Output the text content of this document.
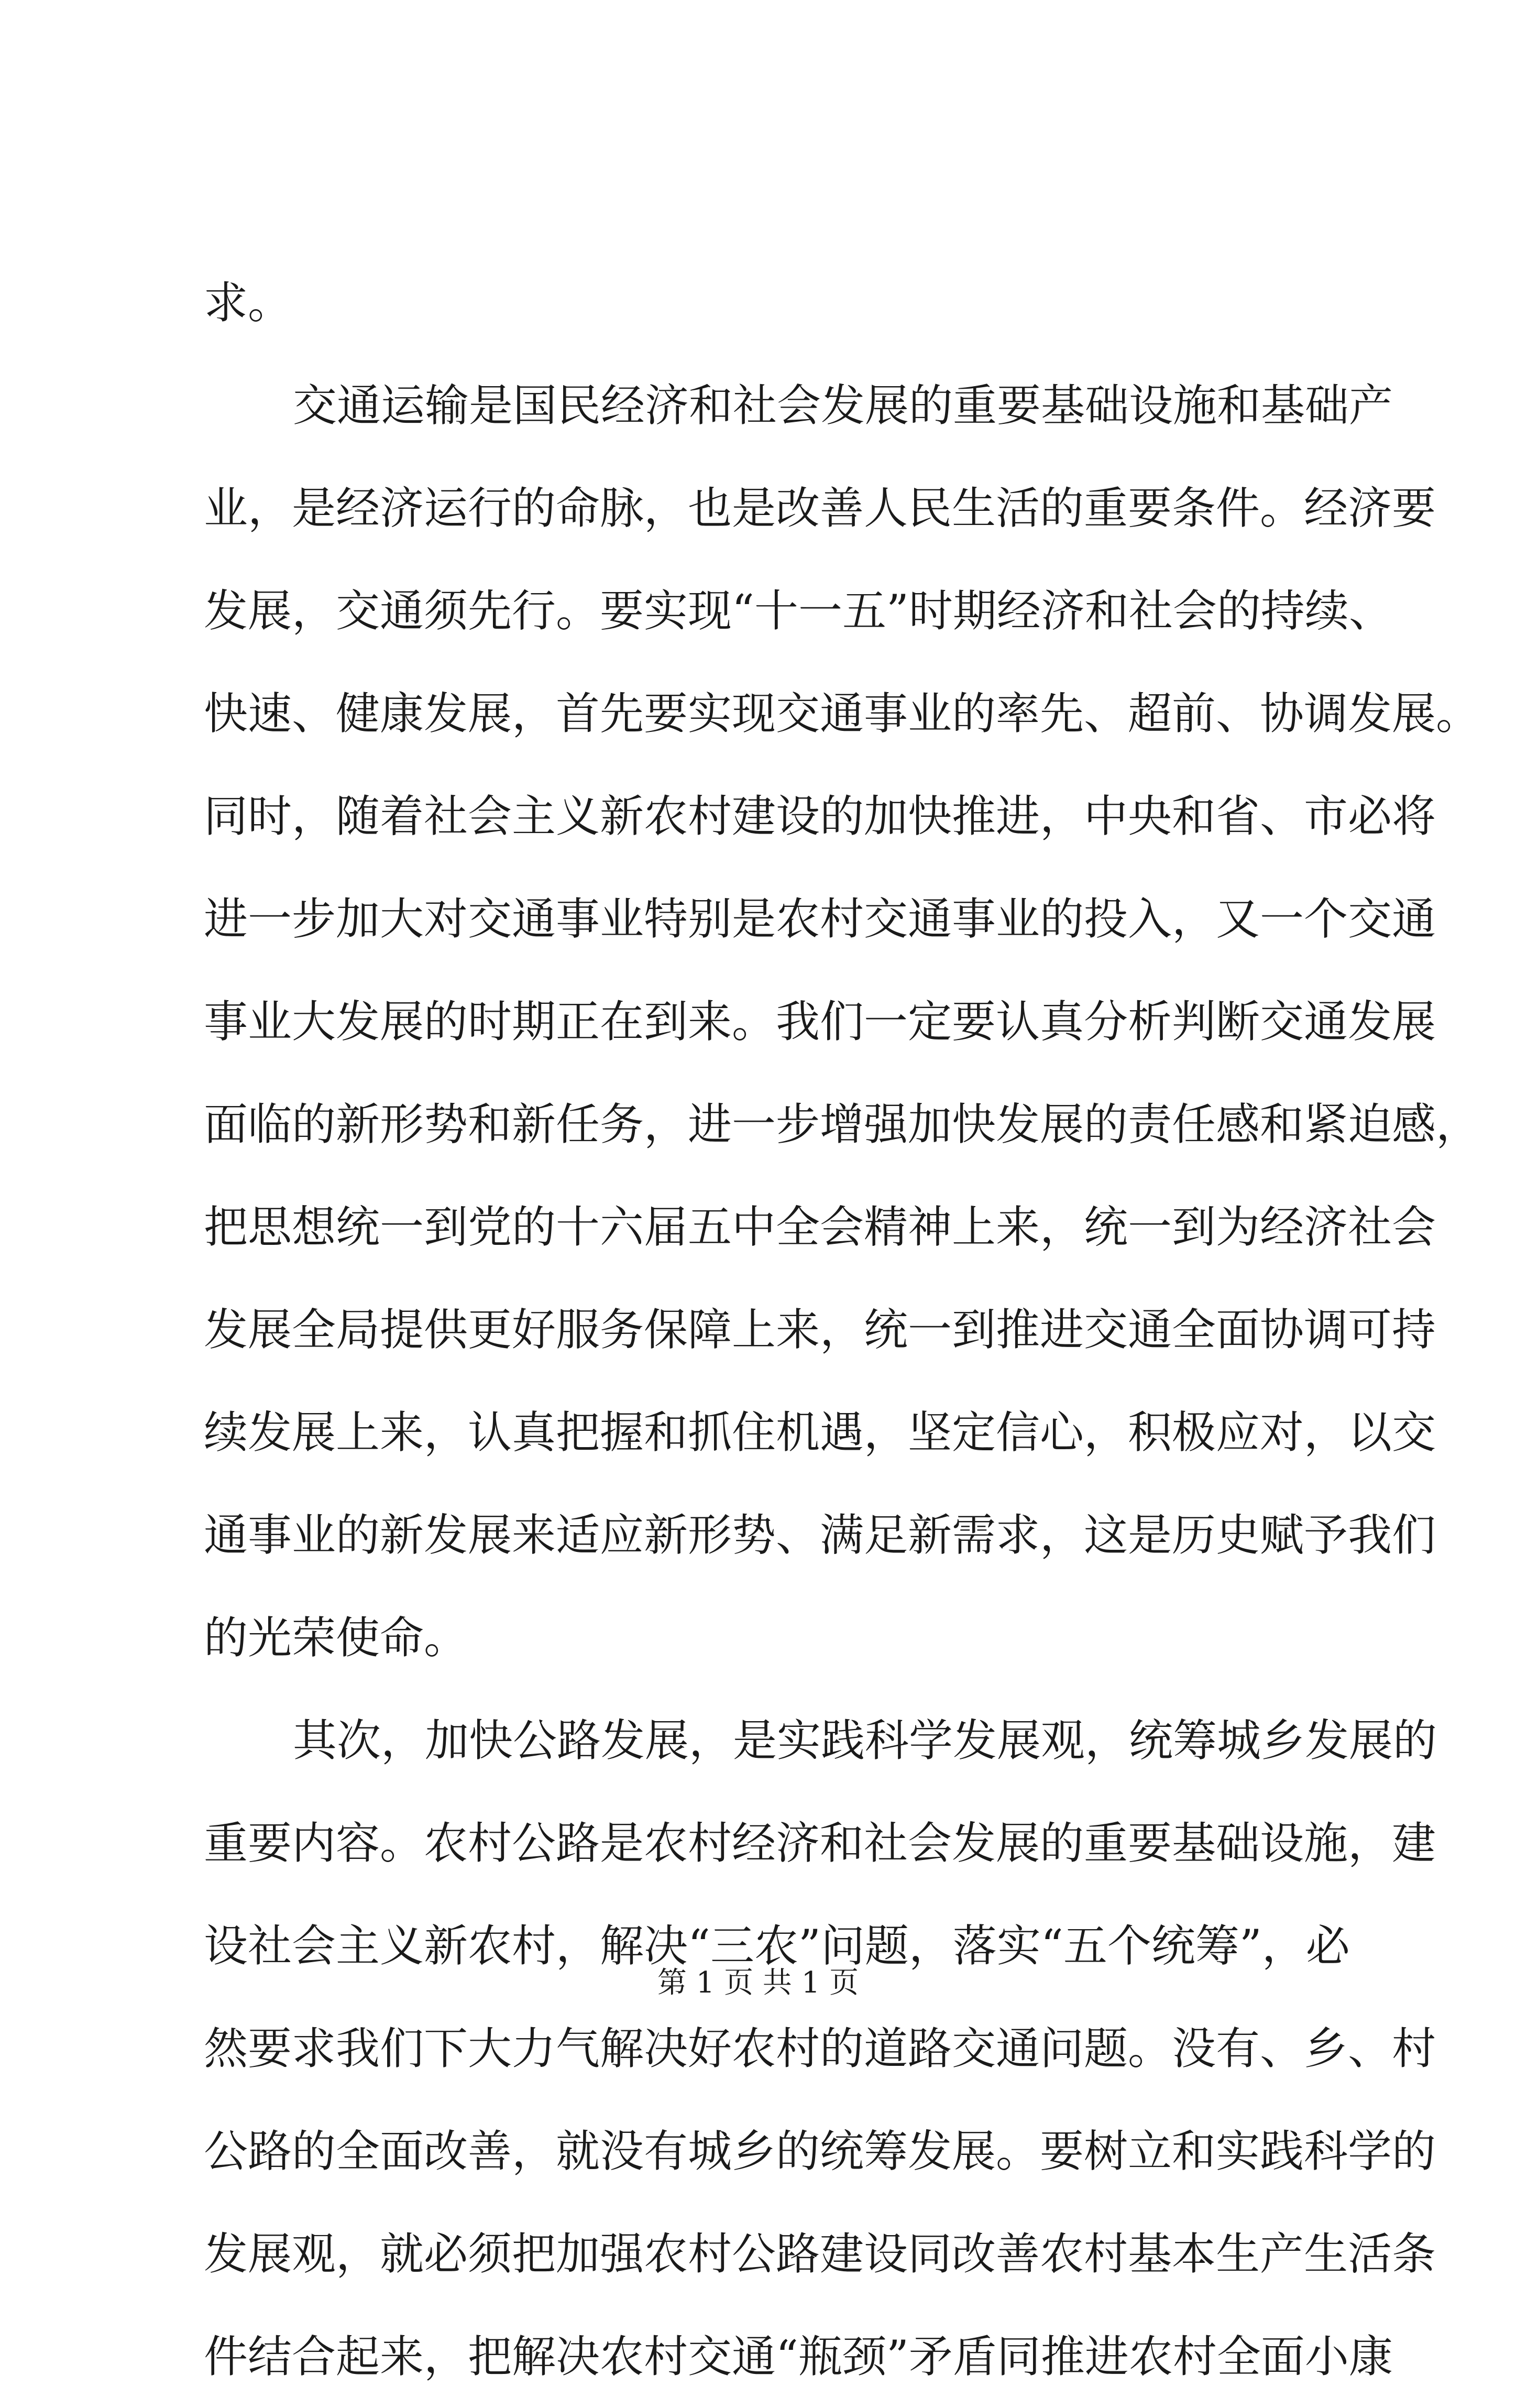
求。
交通运输是国民经济和社会发展的重要基础设施和基础产
业，是经济运行的命脉，也是改善人民生活的重要条件。经济要
发展，交通须先行。要实现“十一五”时期经济和社会的持续、
快速、健康发展，首先要实现交通事业的率先、超前、协调发展。
同时，随着社会主义新农村建设的加快推进，中央和省、市必将
进一步加大对交通事业特别是农村交通事业的投入，又一个交通
事业大发展的时期正在到来。我们一定要认真分析判断交通发展
面临的新形势和新任务，进一步增强加快发展的责任感和紧迫感，
把思想统一到党的十六届五中全会精神上来，统一到为经济社会
发展全局提供更好服务保障上来，统一到推进交通全面协调可持
续发展上来，认真把握和抓住机遇，坚定信心，积极应对，以交
通事业的新发展来适应新形势、满足新需求，这是历史赋予我们
的光荣使命。
其次，加快公路发展，是实践科学发展观，统筹城乡发展的
重要内容。农村公路是农村经济和社会发展的重要基础设施，建
设社会主义新农村，解决“三农”问题，落实“五个统筹”，必
然要求我们下大力气解决好农村的道路交通问题。没有、乡、村
公路的全面改善，就没有城乡的统筹发展。要树立和实践科学的
发展观，就必须把加强农村公路建设同改善农村基本生产生活条
件结合起来，把解决农村交通“瓶颈”矛盾同推进农村全面小康
第 1 页 共 1 页
